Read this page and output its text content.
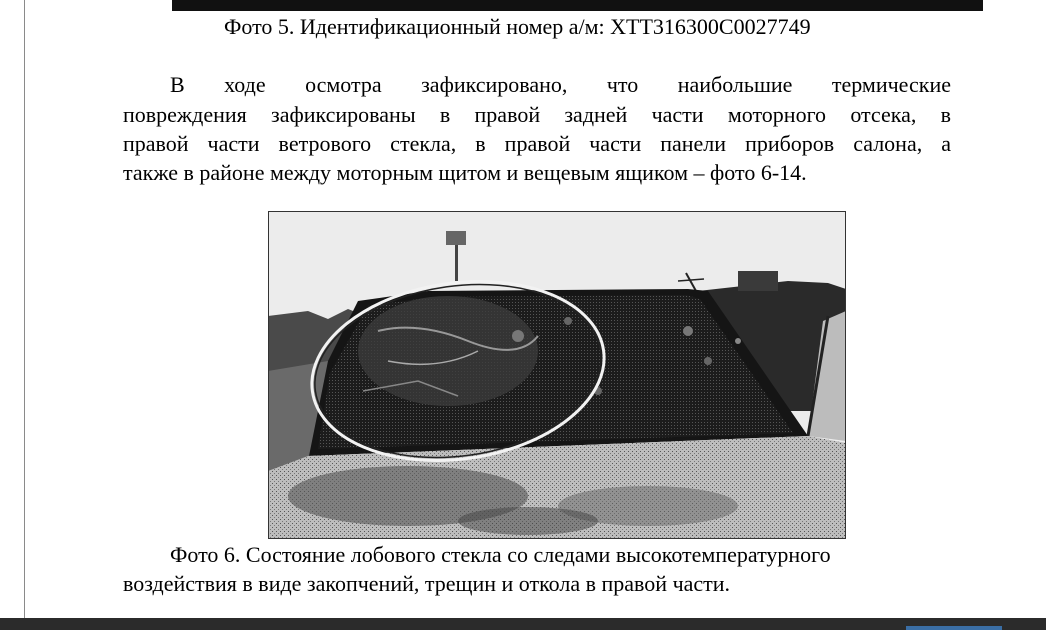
Фото 5. Идентификационный номер а/м: ХТТ316300С0027749
В ходе осмотра зафиксировано, что наибольшие термические
повреждения зафиксированы в правой задней части моторного отсека, в
правой части ветрового стекла, в правой части панели приборов салона, а
также в районе между моторным щитом и вещевым ящиком – фото 6-14.
Фото 6. Состояние лобового стекла со следами высокотемпературного
воздействия в виде закопчений, трещин и откола в правой части.
